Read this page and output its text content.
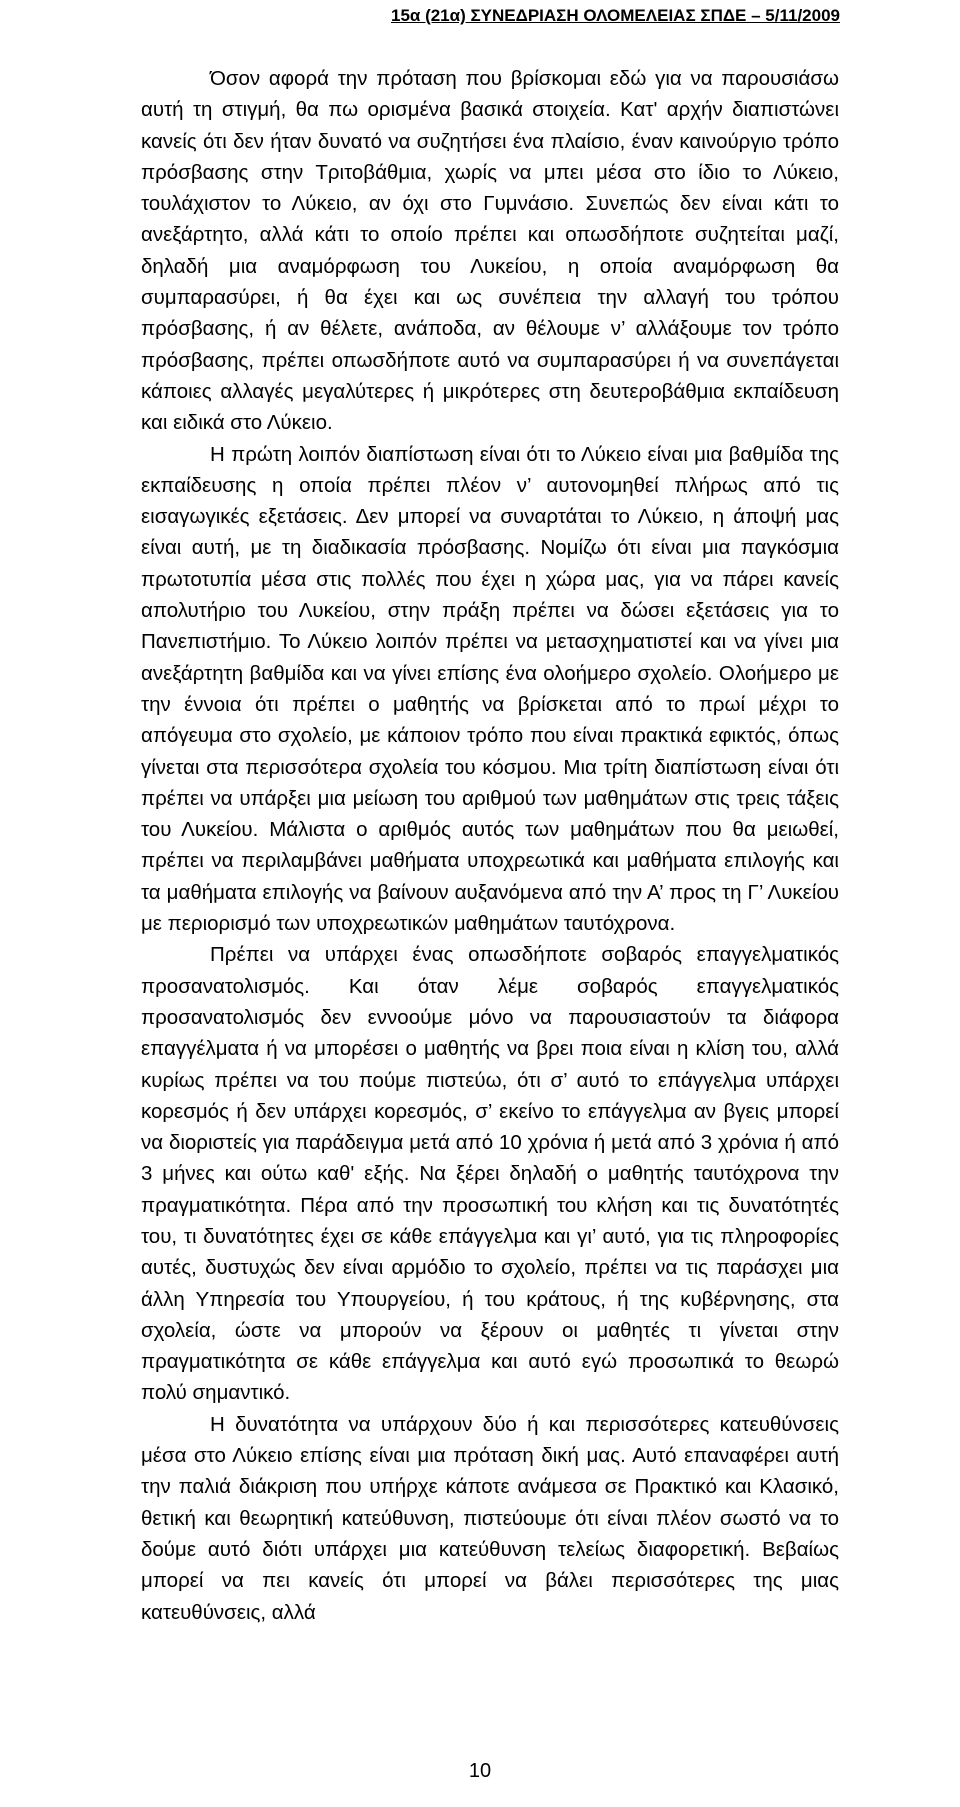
15α (21α) ΣΥΝΕΔΡΙΑΣΗ ΟΛΟΜΕΛΕΙΑΣ ΣΠΔΕ – 5/11/2009

Όσον αφορά την πρόταση που βρίσκομαι εδώ για να παρουσιάσω αυτή τη στιγμή, θα πω ορισμένα βασικά στοιχεία. Κατ' αρχήν διαπιστώνει κανείς ότι δεν ήταν δυνατό να συζητήσει ένα πλαίσιο, έναν καινούργιο τρόπο πρόσβασης στην Τριτοβάθμια, χωρίς να μπει μέσα στο ίδιο το Λύκειο, τουλάχιστον το Λύκειο, αν όχι στο Γυμνάσιο. Συνεπώς δεν είναι κάτι το ανεξάρτητο, αλλά κάτι το οποίο πρέπει και οπωσδήποτε συζητείται μαζί, δηλαδή μια αναμόρφωση του Λυκείου, η οποία αναμόρφωση θα συμπαρασύρει, ή θα έχει και ως συνέπεια την αλλαγή του τρόπου πρόσβασης, ή αν θέλετε, ανάποδα, αν θέλουμε ν’ αλλάξουμε τον τρόπο πρόσβασης, πρέπει οπωσδήποτε αυτό να συμπαρασύρει ή να συνεπάγεται κάποιες αλλαγές μεγαλύτερες ή μικρότερες στη δευτεροβάθμια εκπαίδευση και ειδικά στο Λύκειο.

Η πρώτη λοιπόν διαπίστωση είναι ότι το Λύκειο είναι μια βαθμίδα της εκπαίδευσης η οποία πρέπει πλέον ν’ αυτονομηθεί πλήρως από τις εισαγωγικές εξετάσεις. Δεν μπορεί να συναρτάται το Λύκειο, η άποψή μας είναι αυτή, με τη διαδικασία πρόσβασης. Νομίζω ότι είναι μια παγκόσμια πρωτοτυπία μέσα στις πολλές που έχει η χώρα μας, για να πάρει κανείς απολυτήριο του Λυκείου, στην πράξη πρέπει να δώσει εξετάσεις για το Πανεπιστήμιο. Το Λύκειο λοιπόν πρέπει να μετασχηματιστεί και να γίνει μια ανεξάρτητη βαθμίδα και να γίνει επίσης ένα ολοήμερο σχολείο. Ολοήμερο με την έννοια ότι πρέπει ο μαθητής να βρίσκεται από το πρωί μέχρι το απόγευμα στο σχολείο, με κάποιον τρόπο που είναι πρακτικά εφικτός, όπως γίνεται στα περισσότερα σχολεία του κόσμου. Μια τρίτη διαπίστωση είναι ότι πρέπει να υπάρξει μια μείωση του αριθμού των μαθημάτων στις τρεις τάξεις του Λυκείου. Μάλιστα ο αριθμός αυτός των μαθημάτων που θα μειωθεί, πρέπει να περιλαμβάνει μαθήματα υποχρεωτικά και μαθήματα επιλογής και τα μαθήματα επιλογής να βαίνουν αυξανόμενα από την Α’ προς τη Γ’ Λυκείου με περιορισμό των υποχρεωτικών μαθημάτων ταυτόχρονα.

Πρέπει να υπάρχει ένας οπωσδήποτε σοβαρός επαγγελματικός προσανατολισμός. Και όταν λέμε σοβαρός επαγγελματικός προσανατολισμός δεν εννοούμε μόνο να παρουσιαστούν τα διάφορα επαγγέλματα ή να μπορέσει ο μαθητής να βρει ποια είναι η κλίση του, αλλά κυρίως πρέπει να του πούμε πιστεύω, ότι σ’ αυτό το επάγγελμα υπάρχει κορεσμός ή δεν υπάρχει κορεσμός, σ’ εκείνο το επάγγελμα αν βγεις μπορεί να διοριστείς για παράδειγμα μετά από 10 χρόνια ή μετά από 3 χρόνια ή από 3 μήνες και ούτω καθ' εξής. Να ξέρει δηλαδή ο μαθητής ταυτόχρονα την πραγματικότητα. Πέρα από την προσωπική του κλήση και τις δυνατότητές του, τι δυνατότητες έχει σε κάθε επάγγελμα και γι’ αυτό, για τις πληροφορίες αυτές, δυστυχώς δεν είναι αρμόδιο το σχολείο, πρέπει να τις παράσχει μια άλλη Υπηρεσία του Υπουργείου, ή του κράτους, ή της κυβέρνησης, στα σχολεία, ώστε να μπορούν να ξέρουν οι μαθητές τι γίνεται στην πραγματικότητα σε κάθε επάγγελμα και αυτό εγώ προσωπικά το θεωρώ πολύ σημαντικό.

Η δυνατότητα να υπάρχουν δύο ή και περισσότερες κατευθύνσεις μέσα στο Λύκειο επίσης είναι μια πρόταση δική μας. Αυτό επαναφέρει αυτή την παλιά διάκριση που υπήρχε κάποτε ανάμεσα σε Πρακτικό και Κλασικό, θετική και θεωρητική κατεύθυνση, πιστεύουμε ότι είναι πλέον σωστό να το δούμε αυτό διότι υπάρχει μια κατεύθυνση τελείως διαφορετική. Βεβαίως μπορεί να πει κανείς ότι μπορεί να βάλει περισσότερες της μιας κατευθύνσεις, αλλά

10
